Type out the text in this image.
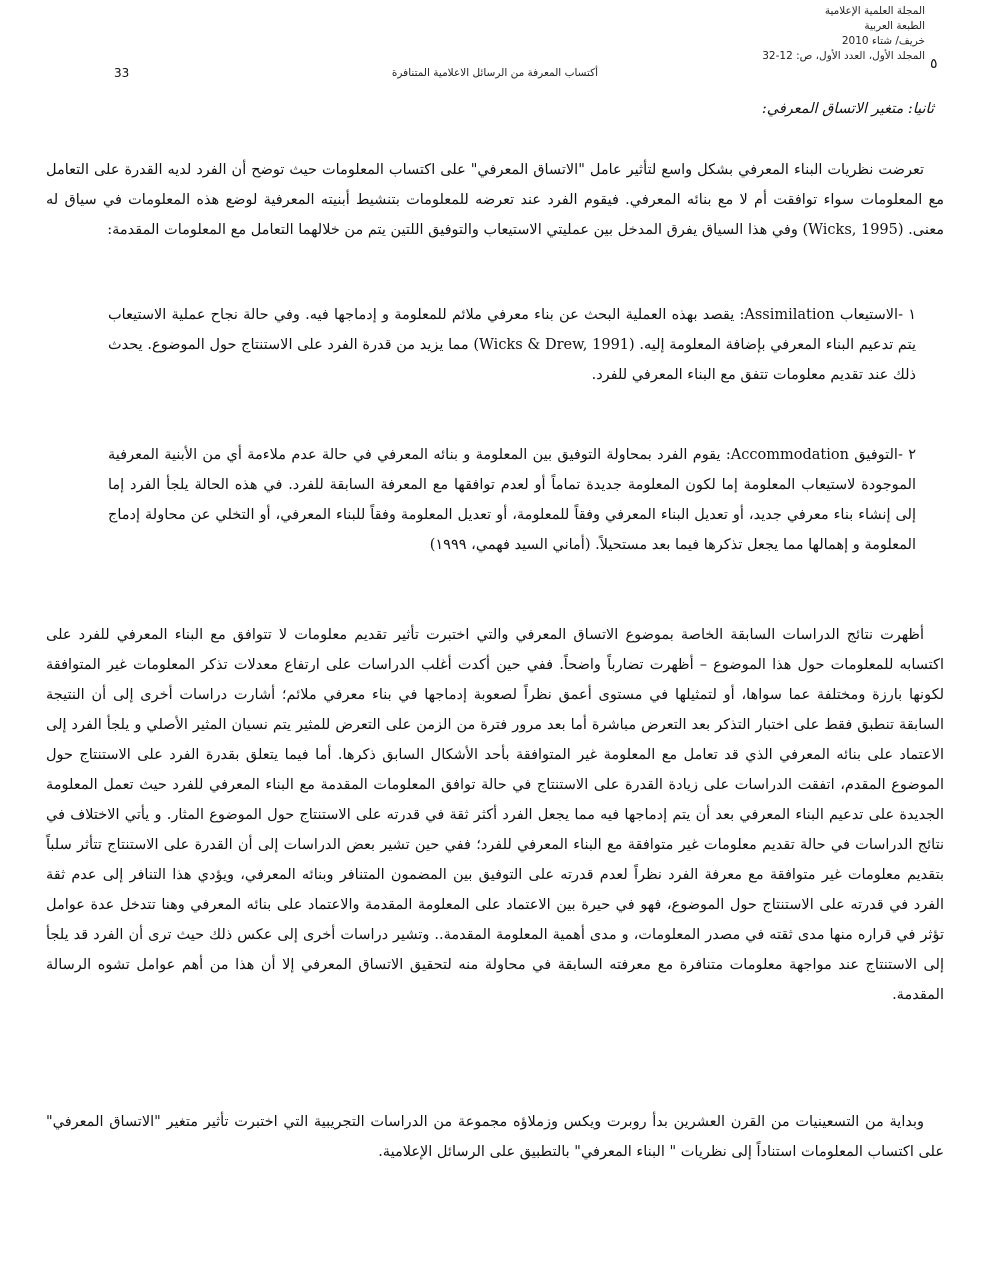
المجلة العلمية الإعلامية
الطبعة العربية
خريف/ شتاء 2010
المجلد الأول، العدد الأول، ص: 12-32 ٥
أكتساب المعرفة من الرسائل الاعلامية المتنافرة
33
ثانيا: متغير الاتساق المعرفي:

تعرضت نظريات البناء المعرفي بشكل واسع لتأثير عامل "الاتساق المعرفي" على اكتساب المعلومات حيث توضح أن الفرد لديه القدرة على التعامل مع المعلومات سواء توافقت أم لا مع بنائه المعرفي. فيقوم الفرد عند تعرضه للمعلومات بتنشيط أبنيته المعرفية لوضع هذه المعلومات في سياق له معنى. (Wicks, 1995) وفي هذا السياق يفرق المدخل بين عمليتي الاستيعاب والتوفيق اللتين يتم من خلالهما التعامل مع المعلومات المقدمة:

١ -الاستيعاب Assimilation: يقصد بهذه العملية البحث عن بناء معرفي ملائم للمعلومة و إدماجها فيه. وفي حالة نجاح عملية الاستيعاب يتم تدعيم البناء المعرفي بإضافة المعلومة إليه. (Wicks & Drew, 1991) مما يزيد من قدرة الفرد على الاستنتاج حول الموضوع. يحدث ذلك عند تقديم معلومات تتفق مع البناء المعرفي للفرد.

٢ -التوفيق Accommodation: يقوم الفرد بمحاولة التوفيق بين المعلومة و بنائه المعرفي في حالة عدم ملاءمة أي من الأبنية المعرفية الموجودة لاستيعاب المعلومة إما لكون المعلومة جديدة تماماً أو لعدم توافقها مع المعرفة السابقة للفرد. في هذه الحالة يلجأ الفرد إما إلى إنشاء بناء معرفي جديد، أو تعديل البناء المعرفي وفقاً للمعلومة، أو تعديل المعلومة وفقاً للبناء المعرفي، أو التخلي عن محاولة إدماج المعلومة و إهمالها مما يجعل تذكرها فيما بعد مستحيلاً. (أماني السيد فهمي، ١٩٩٩)

أظهرت نتائج الدراسات السابقة الخاصة بموضوع الاتساق المعرفي والتي اختبرت تأثير تقديم معلومات لا تتوافق مع البناء المعرفي للفرد على اكتسابه للمعلومات حول هذا الموضوع – أظهرت تضارباً واضحاً. ففي حين أكدت أغلب الدراسات على ارتفاع معدلات تذكر المعلومات غير المتوافقة لكونها بارزة ومختلفة عما سواها، أو لتمثيلها في مستوى أعمق نظراً لصعوبة إدماجها في بناء معرفي ملائم؛ أشارت دراسات أخرى إلى أن النتيجة السابقة تنطبق فقط على اختبار التذكر بعد التعرض مباشرة أما بعد مرور فترة من الزمن على التعرض للمثير يتم نسيان المثير الأصلي و يلجأ الفرد إلى الاعتماد على بنائه المعرفي الذي قد تعامل مع المعلومة غير المتوافقة بأحد الأشكال السابق ذكرها. أما فيما يتعلق بقدرة الفرد على الاستنتاج حول الموضوع المقدم، اتفقت الدراسات على زيادة القدرة على الاستنتاج في حالة توافق المعلومات المقدمة مع البناء المعرفي للفرد حيث تعمل المعلومة الجديدة على تدعيم البناء المعرفي بعد أن يتم إدماجها فيه مما يجعل الفرد أكثر ثقة في قدرته على الاستنتاج حول الموضوع المثار. و يأتي الاختلاف في نتائج الدراسات في حالة تقديم معلومات غير متوافقة مع البناء المعرفي للفرد؛ ففي حين تشير بعض الدراسات إلى أن القدرة على الاستنتاج تتأثر سلباً بتقديم معلومات غير متوافقة مع معرفة الفرد نظراً لعدم قدرته على التوفيق بين المضمون المتنافر وبنائه المعرفي، ويؤدي هذا التنافر إلى عدم ثقة الفرد في قدرته على الاستنتاج حول الموضوع، فهو في حيرة بين الاعتماد على المعلومة المقدمة والاعتماد على بنائه المعرفي وهنا تتدخل عدة عوامل تؤثر في قراره منها مدى ثقته في مصدر المعلومات، و مدى أهمية المعلومة المقدمة.. وتشير دراسات أخرى إلى عكس ذلك حيث ترى أن الفرد قد يلجأ إلى الاستنتاج عند مواجهة معلومات متنافرة مع معرفته السابقة في محاولة منه لتحقيق الاتساق المعرفي إلا أن هذا من أهم عوامل تشوه الرسالة المقدمة.

وبداية من التسعينيات من القرن العشرين بدأ روبرت ويكس وزملاؤه مجموعة من الدراسات التجريبية التي اختبرت تأثير متغير "الاتساق المعرفي" على اكتساب المعلومات استناداً إلى نظريات " البناء المعرفي" بالتطبيق على الرسائل الإعلامية.
